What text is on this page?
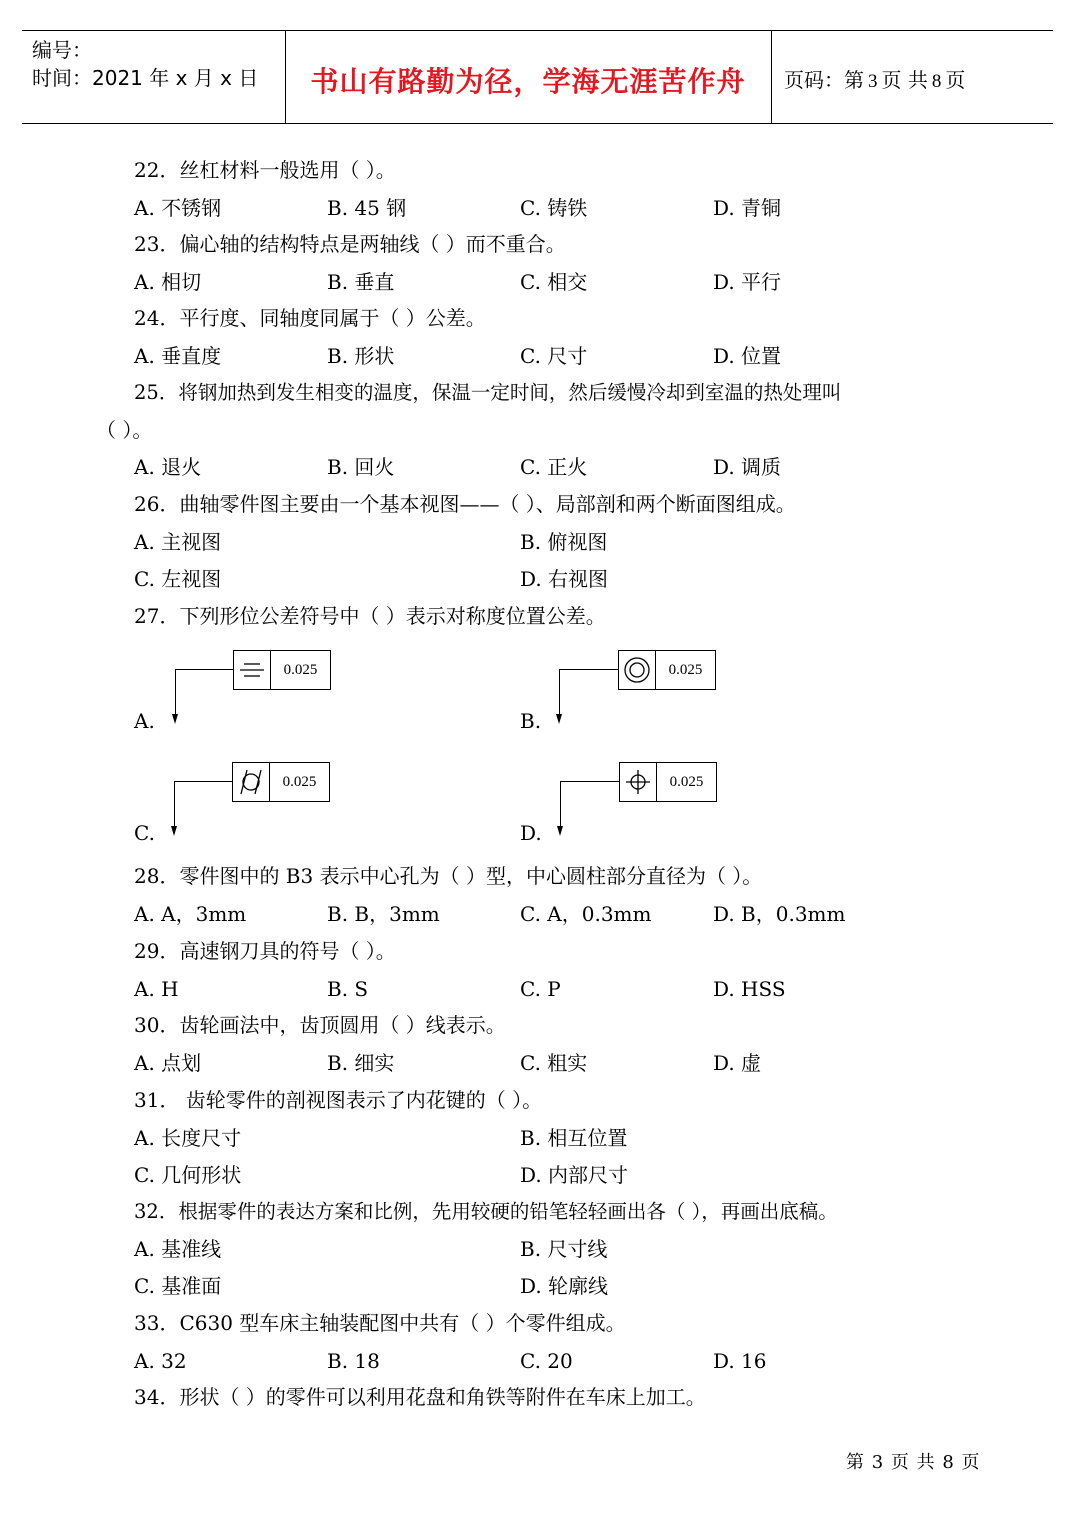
编号：
时间：2021 年 x 月 x 日	书山有路勤为径，学海无涯苦作舟	页码：第 3 页 共 8 页
22．丝杠材料一般选用（ ）。
A. 不锈钢	B. 45 钢	C. 铸铁	D. 青铜
23．偏心轴的结构特点是两轴线（ ）而不重合。
A. 相切	B. 垂直	C. 相交	D. 平行
24．平行度、同轴度同属于（ ）公差。
A. 垂直度	B. 形状	C. 尺寸	D. 位置
25．将钢加热到发生相变的温度，保温一定时间，然后缓慢冷却到室温的热处理叫
（ ）。
A. 退火	B. 回火	C. 正火	D. 调质
26．曲轴零件图主要由一个基本视图——（ ）、局部剖和两个断面图组成。
A. 主视图	B. 俯视图
C. 左视图	D. 右视图
27．下列形位公差符号中（ ）表示对称度位置公差。
A.
0.025
B.
0.025
C.
0.025
D.
0.025
28．零件图中的 B3 表示中心孔为（ ）型，中心圆柱部分直径为（ ）。
A. A，3mm	B. B，3mm	C. A，0.3mm	D. B，0.3mm
29．高速钢刀具的符号（ ）。
A. H	B. S	C. P	D. HSS
30．齿轮画法中，齿顶圆用（ ）线表示。
A. 点划	B. 细实	C. 粗实	D. 虚
31． 齿轮零件的剖视图表示了内花键的（ ）。
A. 长度尺寸	B. 相互位置
C. 几何形状	D. 内部尺寸
32．根据零件的表达方案和比例，先用较硬的铅笔轻轻画出各（ ），再画出底稿。
A. 基准线	B. 尺寸线
C. 基准面	D. 轮廓线
33．C630 型车床主轴装配图中共有（ ）个零件组成。
A. 32	B. 18	C. 20	D. 16
34．形状（ ）的零件可以利用花盘和角铁等附件在车床上加工。
第 3 页 共 8 页
